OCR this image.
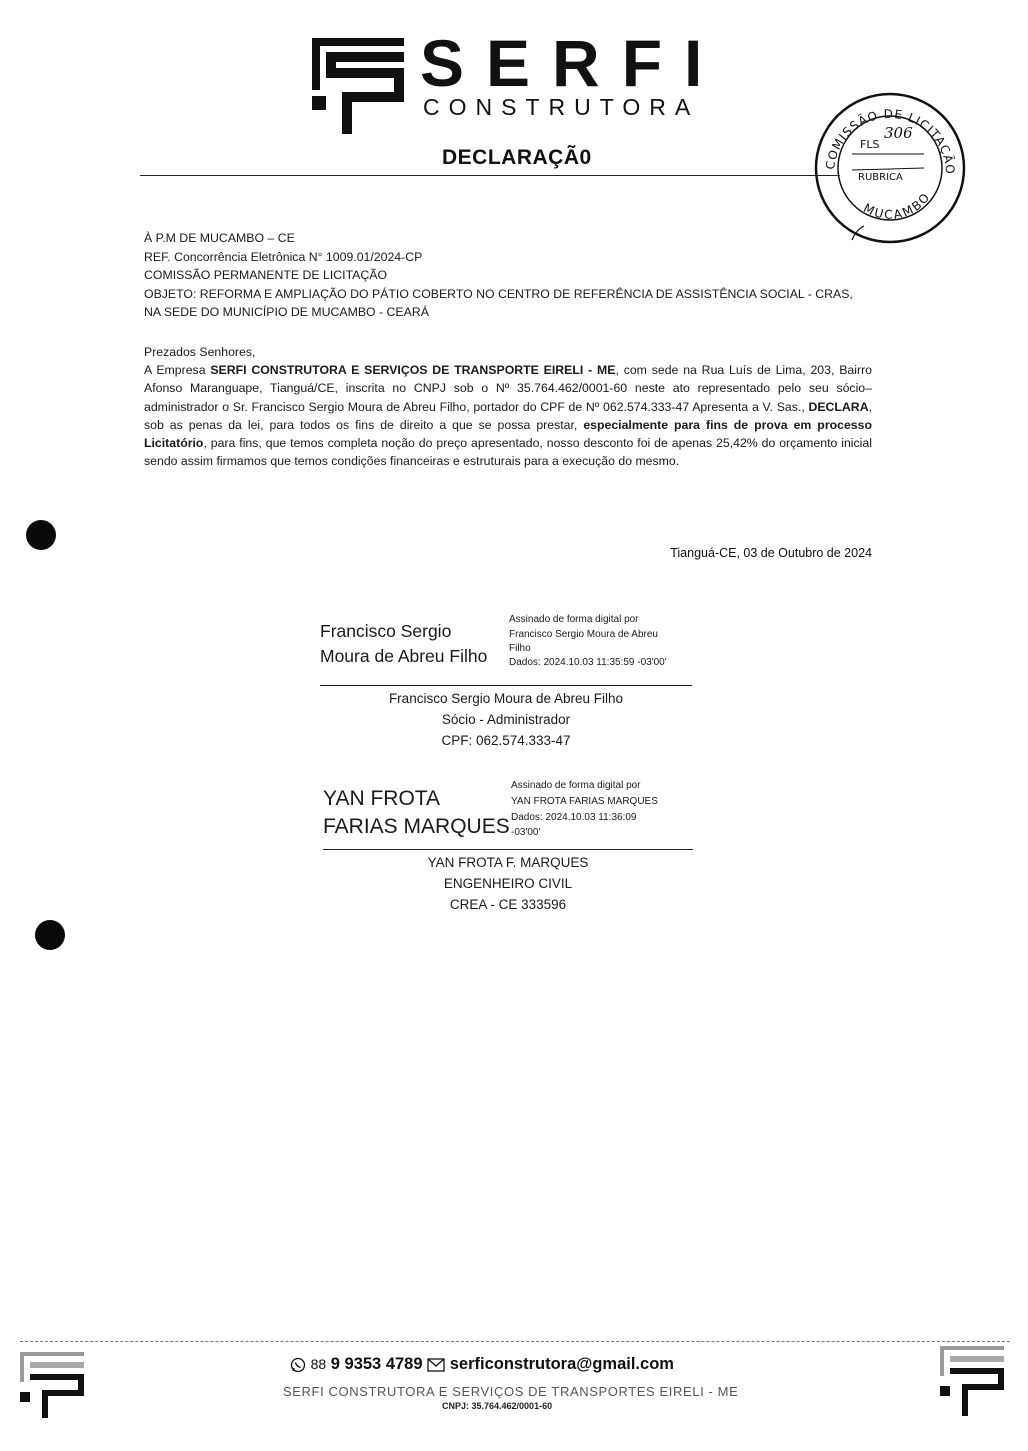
SERFI
CONSTRUTORA
DECLARAÇÃ0	COMISSÃO DE LICITAÇÃO
MUCAMBO
FLS
306
RUBRICA
À P.M DE MUCAMBO – CE
REF. Concorrência Eletrônica N° 1009.01/2024-CP
COMISSÃO PERMANENTE DE LICITAÇÃO
OBJETO: REFORMA E AMPLIAÇÃO DO PÁTIO COBERTO NO CENTRO DE REFERÊNCIA DE ASSISTÊNCIA SOCIAL - CRAS,
NA SEDE DO MUNICÍPIO DE MUCAMBO - CEARÁ
Prezados Senhores,
A Empresa SERFI CONSTRUTORA E SERVIÇOS DE TRANSPORTE EIRELI - ME, com sede na Rua Luís de Lima, 203, Bairro Afonso Maranguape, Tianguá/CE, inscrita no CNPJ sob o Nº 35.764.462/0001-60 neste ato representado pelo seu sócio– administrador o Sr. Francisco Sergio Moura de Abreu Filho, portador do CPF de Nº 062.574.333-47 Apresenta a V. Sas., DECLARA, sob as penas da lei, para todos os fins de direito a que se possa prestar, especialmente para fins de prova em processo Licitatório, para fins, que temos completa noção do preço apresentado, nosso desconto foi de apenas 25,42% do orçamento inicial sendo assim firmamos que temos condições financeiras e estruturais para a execução do mesmo.
Tianguá-CE, 03 de Outubro de 2024
Francisco Sergio
Moura de Abreu Filho
Assinado de forma digital por
Francisco Sergio Moura de Abreu
Filho
Dados: 2024.10.03 11:35:59 -03'00'
Francisco Sergio Moura de Abreu Filho
Sócio - Administrador
CPF: 062.574.333-47
YAN FROTA
FARIAS MARQUES
Assinado de forma digital por
YAN FROTA FARIAS MARQUES
Dados: 2024.10.03 11:36:09
-03'00'
YAN FROTA F. MARQUES
ENGENHEIRO CIVIL
CREA - CE 333596
88 9 9353 4789 serficonstrutora@gmail.com
SERFI CONSTRUTORA E SERVIÇOS DE TRANSPORTES EIRELI - ME
CNPJ: 35.764.462/0001-60
